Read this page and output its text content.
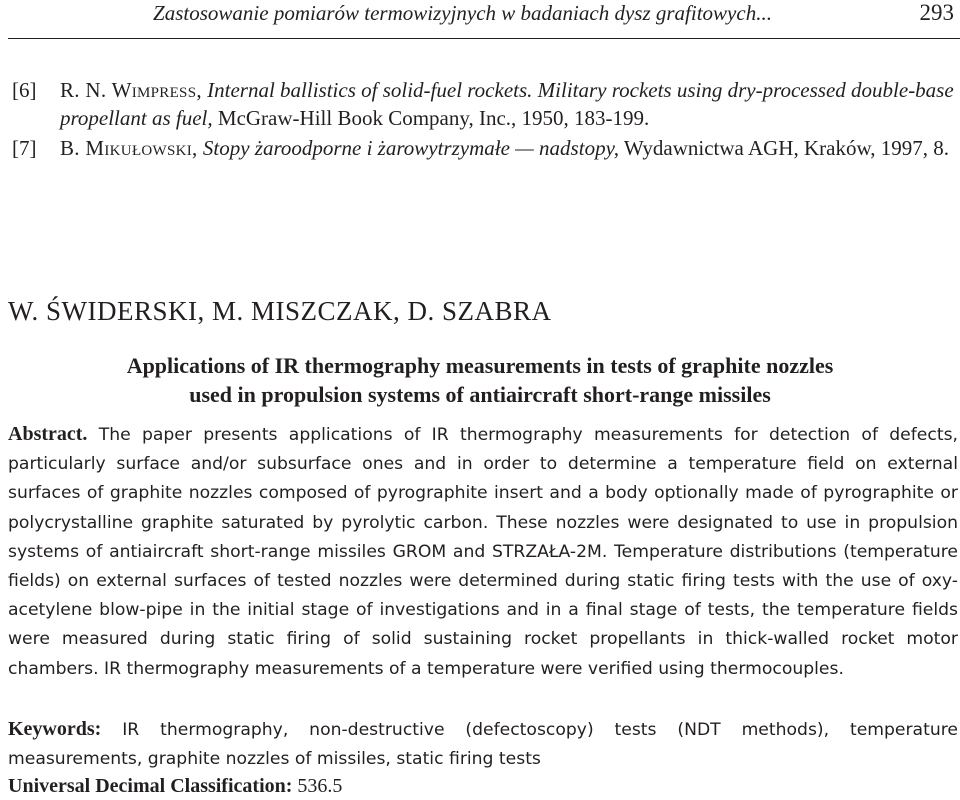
Zastosowanie pomiarów termowizyjnych w badaniach dysz grafitowych...	293
[6] R. N. Wimpress, Internal ballistics of solid-fuel rockets. Military rockets using dry-processed double-base propellant as fuel, McGraw-Hill Book Company, Inc., 1950, 183-199.
[7] B. Mikułowski, Stopy żaroodporne i żarowytrzymałe — nadstopy, Wydawnictwa AGH, Kraków, 1997, 8.
W. ŚWIDERSKI, M. MISZCZAK, D. SZABRA
Applications of IR thermography measurements in tests of graphite nozzles
used in propulsion systems of antiaircraft short-range missiles
Abstract. The paper presents applications of IR thermography measurements for detection of defects, particularly surface and/or subsurface ones and in order to determine a temperature field on external surfaces of graphite nozzles composed of pyrographite insert and a body optionally made of pyrographite or polycrystalline graphite saturated by pyrolytic carbon. These nozzles were designated to use in propulsion systems of antiaircraft short-range missiles GROM and STRZAŁA-2M. Temperature distributions (temperature fields) on external surfaces of tested nozzles were determined during static firing tests with the use of oxy-acetylene blow-pipe in the initial stage of investigations and in a final stage of tests, the temperature fields were measured during static firing of solid sustaining rocket propellants in thick-walled rocket motor chambers. IR thermography measurements of a temperature were verified using thermocouples.
Keywords: IR thermography, non-destructive (defectoscopy) tests (NDT methods), temperature measurements, graphite nozzles of missiles, static firing tests
Universal Decimal Classification: 536.5
